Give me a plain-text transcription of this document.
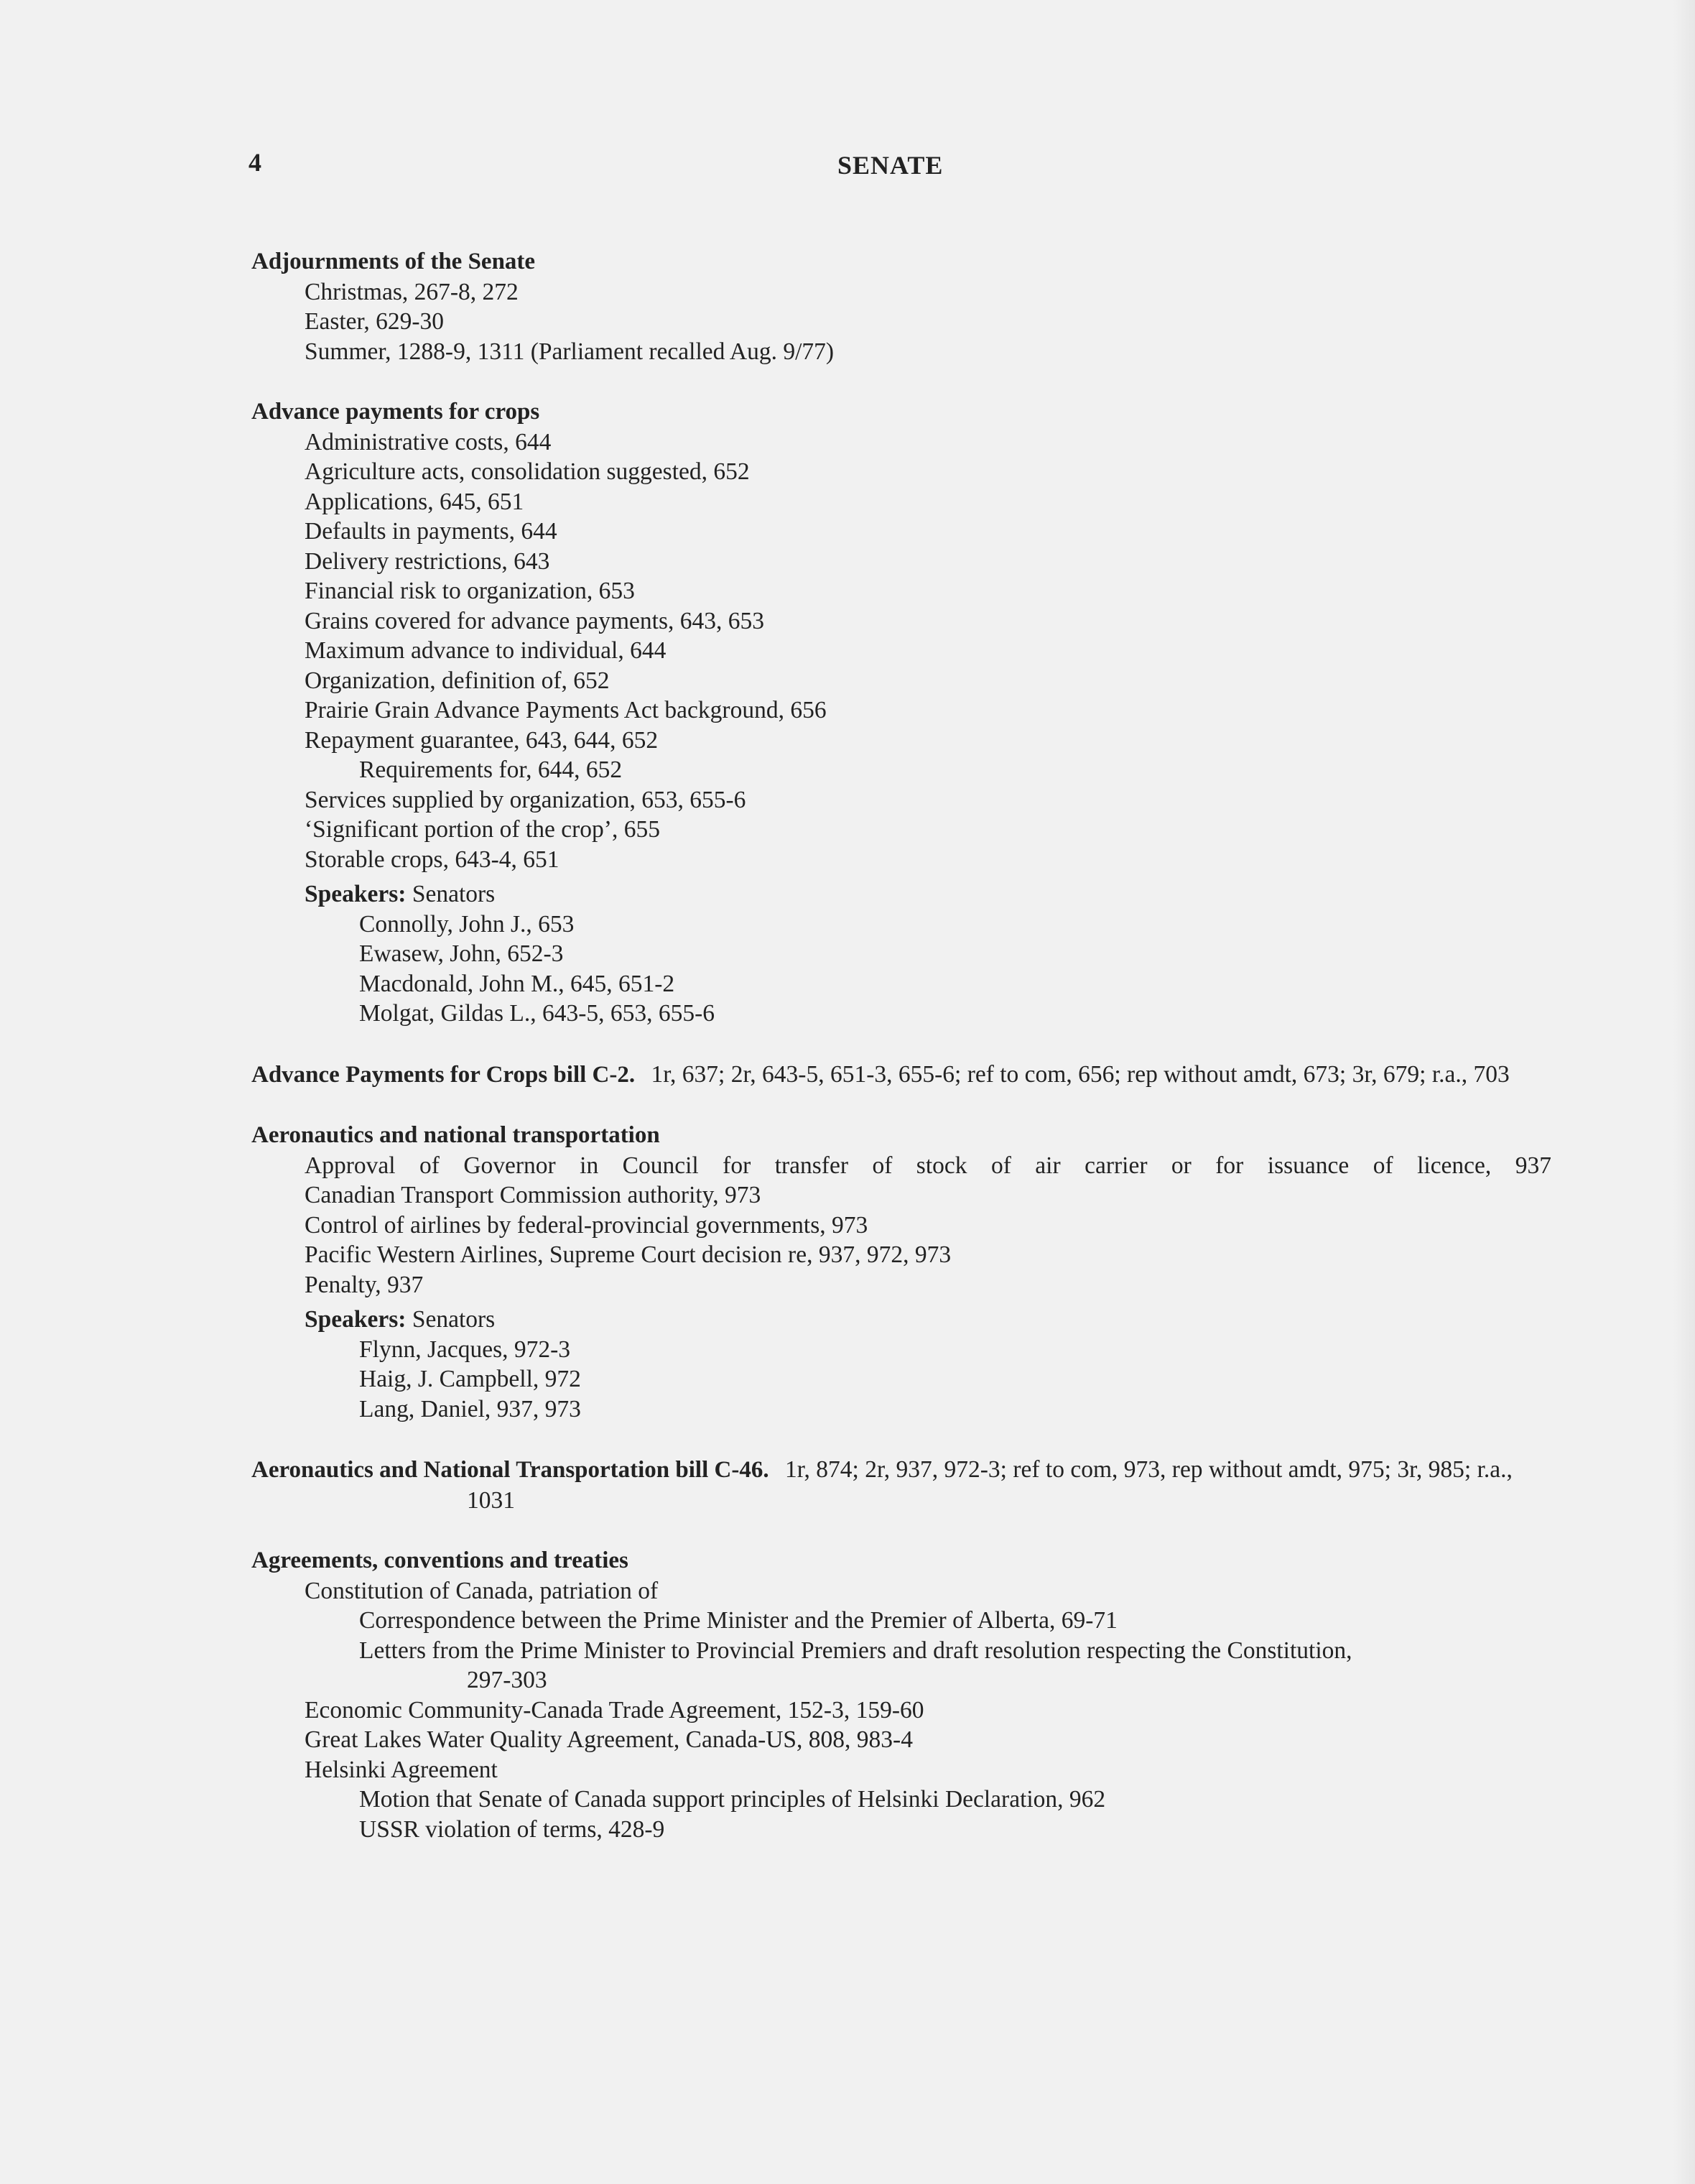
4	SENATE
Adjournments of the Senate
Christmas, 267-8, 272
Easter, 629-30
Summer, 1288-9, 1311 (Parliament recalled Aug. 9/77)
Advance payments for crops
Administrative costs, 644
Agriculture acts, consolidation suggested, 652
Applications, 645, 651
Defaults in payments, 644
Delivery restrictions, 643
Financial risk to organization, 653
Grains covered for advance payments, 643, 653
Maximum advance to individual, 644
Organization, definition of, 652
Prairie Grain Advance Payments Act background, 656
Repayment guarantee, 643, 644, 652
Requirements for, 644, 652
Services supplied by organization, 653, 655-6
‘Significant portion of the crop’, 655
Storable crops, 643-4, 651
Speakers: Senators
Connolly, John J., 653
Ewasew, John, 652-3
Macdonald, John M., 645, 651-2
Molgat, Gildas L., 643-5, 653, 655-6
Advance Payments for Crops bill C-2. 1r, 637; 2r, 643-5, 651-3, 655-6; ref to com, 656; rep without amdt, 673; 3r, 679; r.a., 703
Aeronautics and national transportation
Approval of Governor in Council for transfer of stock of air carrier or for issuance of licence, 937
Canadian Transport Commission authority, 973
Control of airlines by federal-provincial governments, 973
Pacific Western Airlines, Supreme Court decision re, 937, 972, 973
Penalty, 937
Speakers: Senators
Flynn, Jacques, 972-3
Haig, J. Campbell, 972
Lang, Daniel, 937, 973
Aeronautics and National Transportation bill C-46. 1r, 874; 2r, 937, 972-3; ref to com, 973, rep without amdt, 975; 3r, 985; r.a., 1031
Agreements, conventions and treaties
Constitution of Canada, patriation of
Correspondence between the Prime Minister and the Premier of Alberta, 69-71
Letters from the Prime Minister to Provincial Premiers and draft resolution respecting the Constitution,
297-303
Economic Community-Canada Trade Agreement, 152-3, 159-60
Great Lakes Water Quality Agreement, Canada-US, 808, 983-4
Helsinki Agreement
Motion that Senate of Canada support principles of Helsinki Declaration, 962
USSR violation of terms, 428-9
